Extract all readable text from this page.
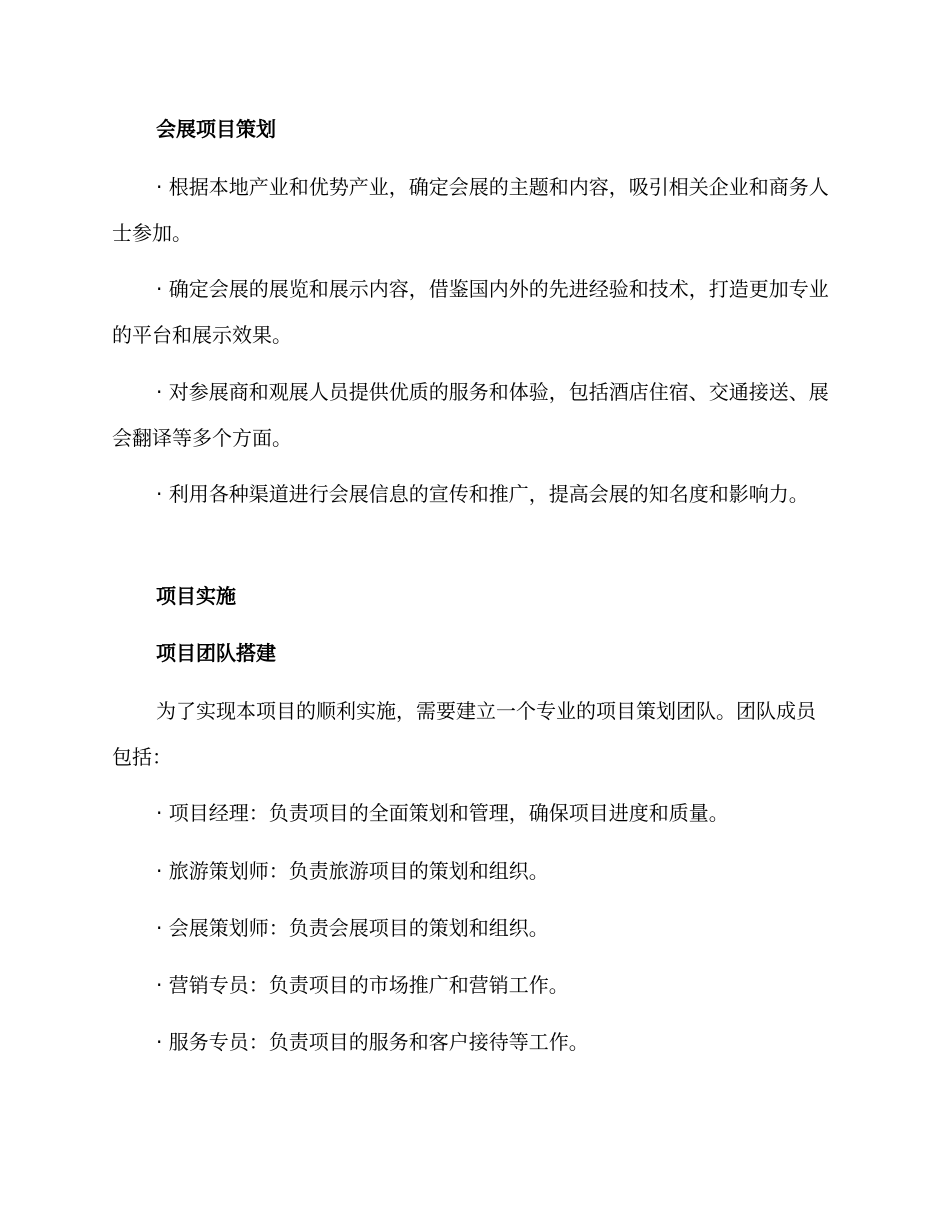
会展项目策划

· 根据本地产业和优势产业，确定会展的主题和内容，吸引相关企业和商务人士参加。

· 确定会展的展览和展示内容，借鉴国内外的先进经验和技术，打造更加专业的平台和展示效果。

· 对参展商和观展人员提供优质的服务和体验，包括酒店住宿、交通接送、展会翻译等多个方面。

· 利用各种渠道进行会展信息的宣传和推广，提高会展的知名度和影响力。

项目实施

项目团队搭建

为了实现本项目的顺利实施，需要建立一个专业的项目策划团队。团队成员包括：

· 项目经理：负责项目的全面策划和管理，确保项目进度和质量。

· 旅游策划师：负责旅游项目的策划和组织。

· 会展策划师：负责会展项目的策划和组织。

· 营销专员：负责项目的市场推广和营销工作。

· 服务专员：负责项目的服务和客户接待等工作。
